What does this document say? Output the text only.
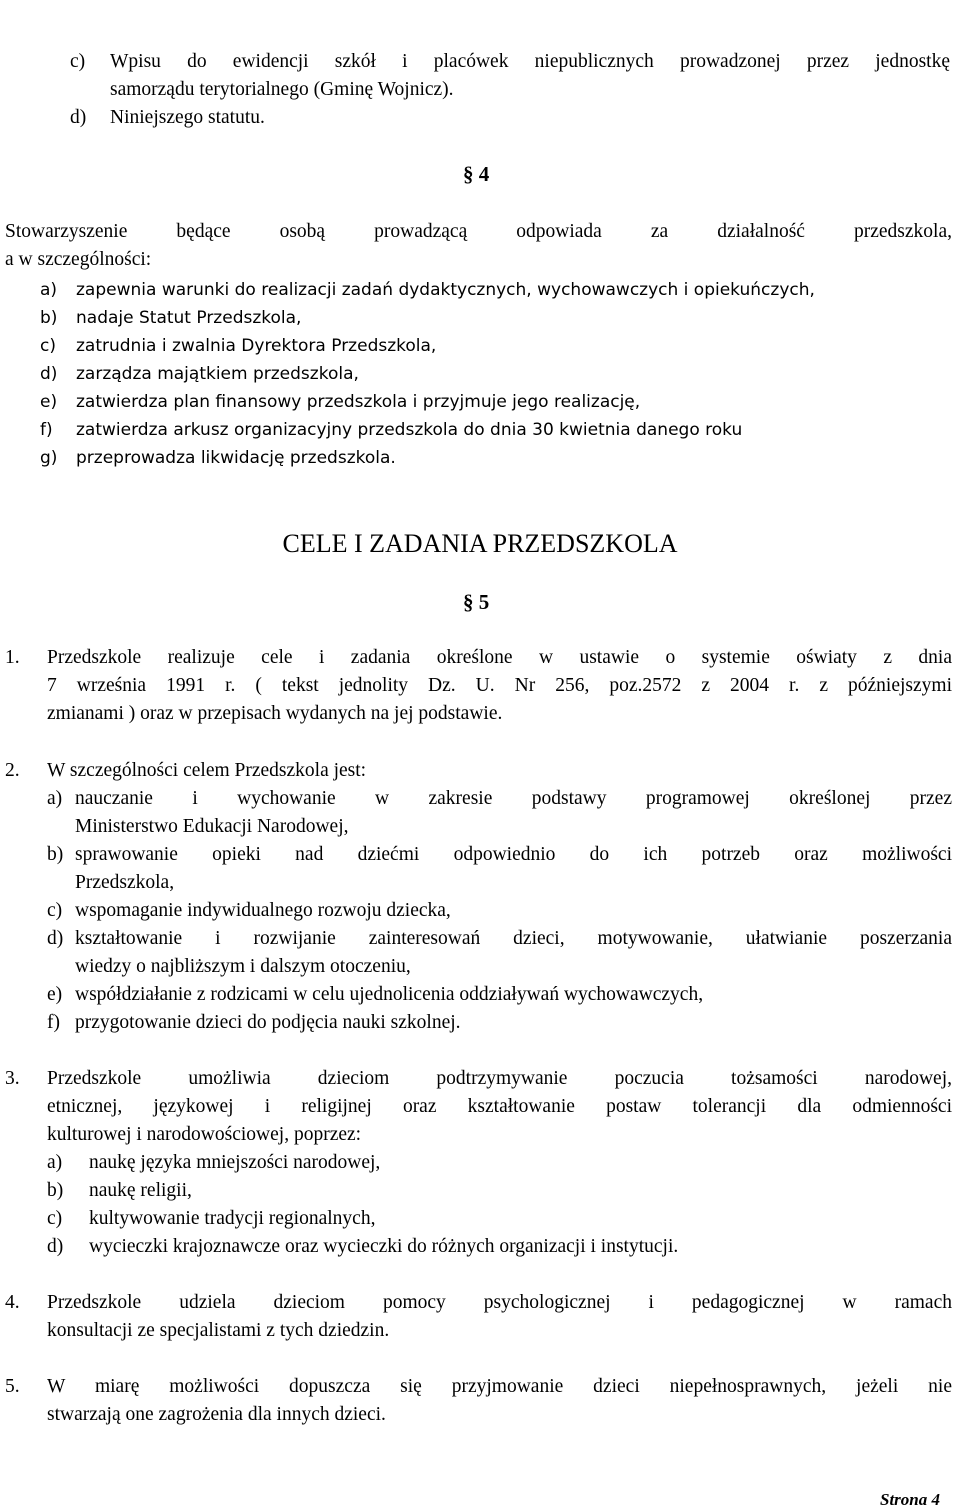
c) Wpisu do ewidencji szkół i placówek niepublicznych prowadzonej przez jednostkę
samorządu terytorialnego (Gminę Wojnicz).
d) Niniejszego statutu.
§ 4
Stowarzyszenie będące osobą prowadzącą odpowiada za działalność przedszkola,
a w szczególności:
a) zapewnia warunki do realizacji zadań dydaktycznych, wychowawczych i opiekuńczych,
b) nadaje Statut Przedszkola,
c) zatrudnia i zwalnia Dyrektora Przedszkola,
d) zarządza majątkiem przedszkola,
e) zatwierdza plan finansowy przedszkola i przyjmuje jego realizację,
f) zatwierdza arkusz organizacyjny przedszkola do dnia 30 kwietnia danego roku
g) przeprowadza likwidację przedszkola.
CELE I ZADANIA PRZEDSZKOLA
§ 5
1. Przedszkole realizuje cele i zadania określone w ustawie o systemie oświaty z dnia
7 września 1991 r. ( tekst jednolity Dz. U. Nr 256, poz.2572 z 2004 r. z późniejszymi
zmianami ) oraz w przepisach wydanych na jej podstawie.
2. W szczególności celem Przedszkola jest:
a) nauczanie i wychowanie w zakresie podstawy programowej określonej przez
Ministerstwo Edukacji Narodowej,
b) sprawowanie opieki nad dziećmi odpowiednio do ich potrzeb oraz możliwości
Przedszkola,
c) wspomaganie indywidualnego rozwoju dziecka,
d) kształtowanie i rozwijanie zainteresowań dzieci, motywowanie, ułatwianie poszerzania
wiedzy o najbliższym i dalszym otoczeniu,
e) współdziałanie z rodzicami w celu ujednolicenia oddziaływań wychowawczych,
f) przygotowanie dzieci do podjęcia nauki szkolnej.
3. Przedszkole umożliwia dzieciom podtrzymywanie poczucia tożsamości narodowej,
etnicznej, językowej i religijnej oraz kształtowanie postaw tolerancji dla odmienności
kulturowej i narodowościowej, poprzez:
a) naukę języka mniejszości narodowej,
b) naukę religii,
c) kultywowanie tradycji regionalnych,
d) wycieczki krajoznawcze oraz wycieczki do różnych organizacji i instytucji.
4. Przedszkole udziela dzieciom pomocy psychologicznej i pedagogicznej w ramach
konsultacji ze specjalistami z tych dziedzin.
5. W miarę możliwości dopuszcza się przyjmowanie dzieci niepełnosprawnych, jeżeli nie
stwarzają one zagrożenia dla innych dzieci.
Strona 4
